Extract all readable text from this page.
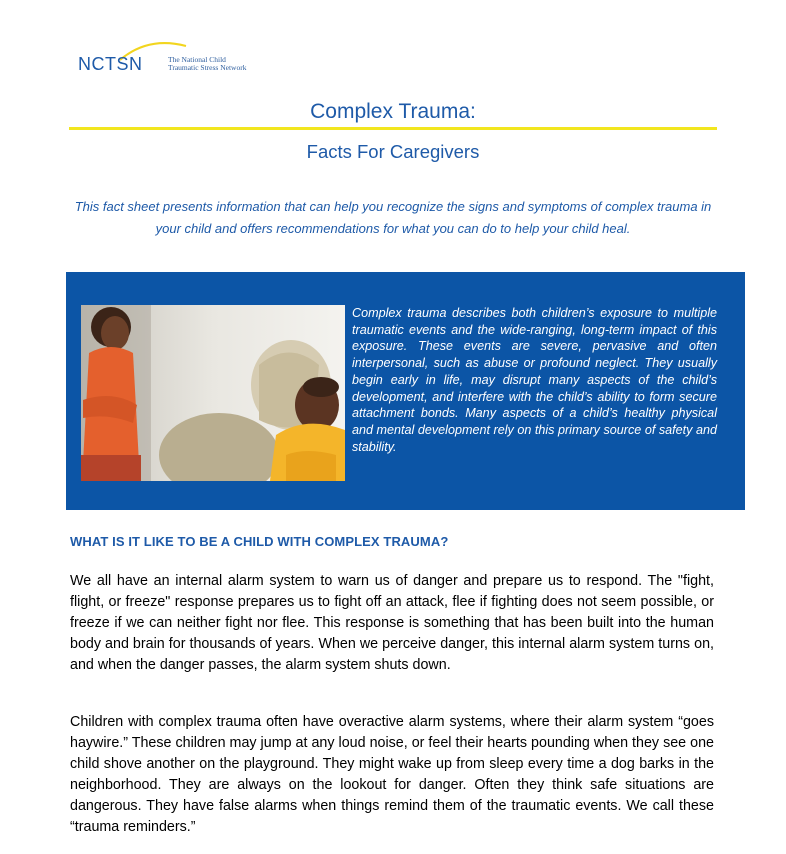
NCTSN	The National Child
Traumatic Stress Network
Complex Trauma:
Facts For Caregivers
This fact sheet presents information that can help you recognize the signs and symptoms of complex trauma in your child and offers recommendations for what you can do to help your child heal.
Complex trauma describes both children’s exposure to multiple traumatic events and the wide-ranging, long-term impact of this exposure. These events are severe, pervasive and often interpersonal, such as abuse or profound neglect. They usually begin early in life, may disrupt many aspects of the child’s development, and interfere with the child’s ability to form secure attachment bonds. Many aspects of a child’s healthy physical and mental development rely on this primary source of safety and stability.
WHAT IS IT LIKE TO BE A CHILD WITH COMPLEX TRAUMA?
We all have an internal alarm system to warn us of danger and prepare us to respond. The "fight, flight, or freeze" response prepares us to fight off an attack, flee if fighting does not seem possible, or freeze if we can neither fight nor flee. This response is something that has been built into the human body and brain for thousands of years. When we perceive danger, this internal alarm system turns on, and when the danger passes, the alarm system shuts down.
Children with complex trauma often have overactive alarm systems, where their alarm system “goes haywire.” These children may jump at any loud noise, or feel their hearts pounding when they see one child shove another on the playground. They might wake up from sleep every time a dog barks in the neighborhood. They are always on the lookout for danger. Often they think safe situations are dangerous. They have false alarms when things remind them of the traumatic events. We call these “trauma reminders.”
